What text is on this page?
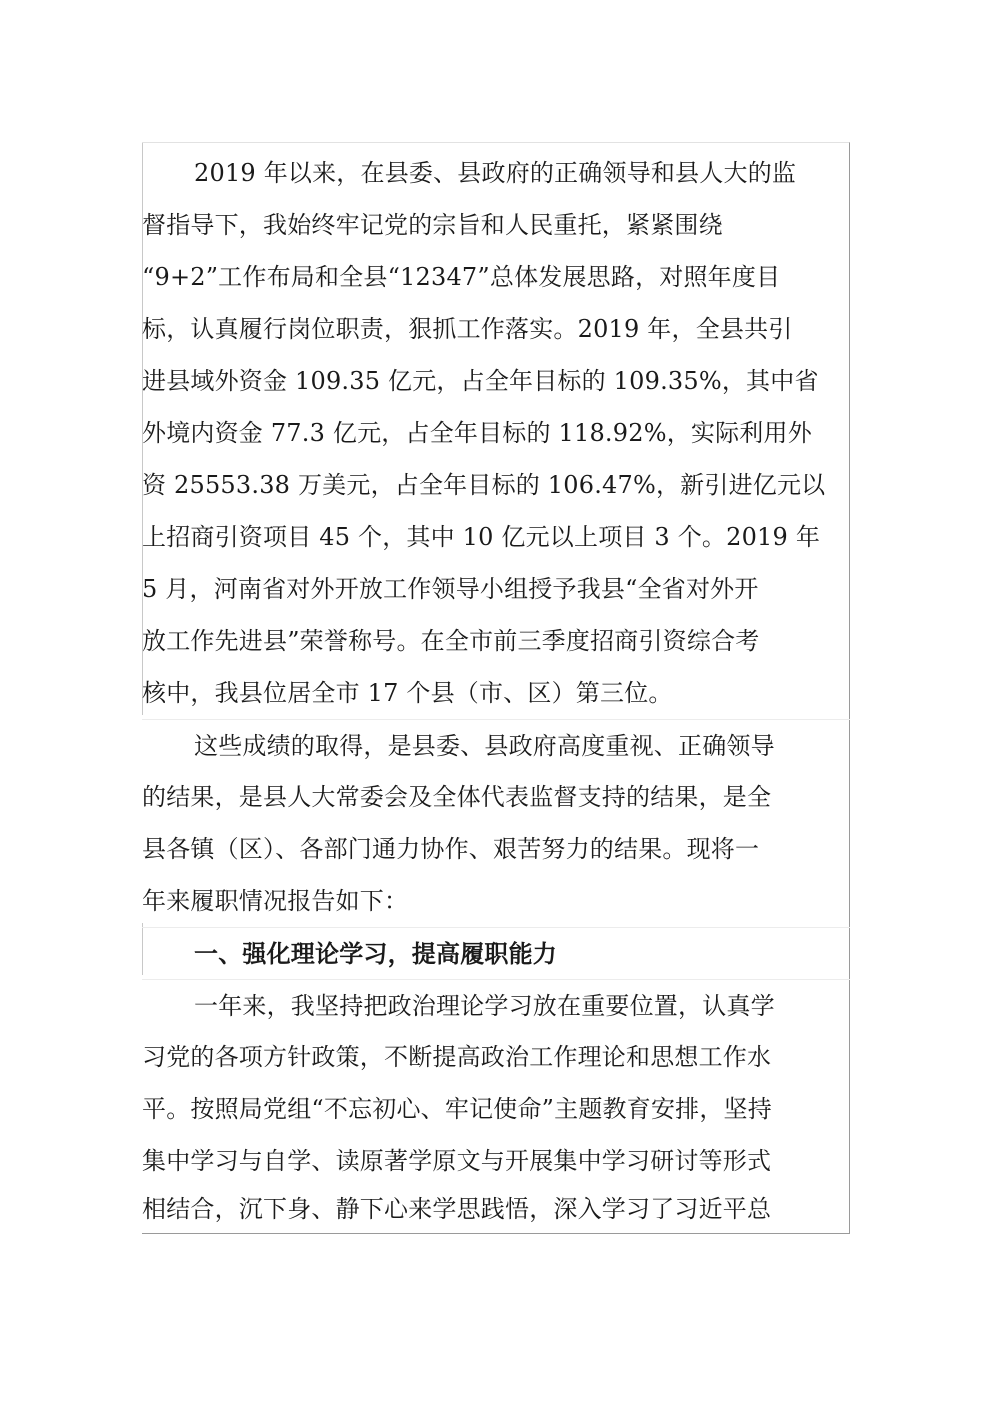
2019 年以来，在县委、县政府的正确领导和县人大的监
督指导下，我始终牢记党的宗旨和人民重托，紧紧围绕
“9+2”工作布局和全县“12347”总体发展思路，对照年度目
标，认真履行岗位职责，狠抓工作落实。2019 年，全县共引
进县域外资金 109.35 亿元，占全年目标的 109.35%，其中省
外境内资金 77.3 亿元，占全年目标的 118.92%，实际利用外
资 25553.38 万美元，占全年目标的 106.47%，新引进亿元以
上招商引资项目 45 个，其中 10 亿元以上项目 3 个。2019 年
5 月，河南省对外开放工作领导小组授予我县“全省对外开
放工作先进县”荣誉称号。在全市前三季度招商引资综合考
核中，我县位居全市 17 个县（市、区）第三位。
这些成绩的取得，是县委、县政府高度重视、正确领导
的结果，是县人大常委会及全体代表监督支持的结果，是全
县各镇（区）、各部门通力协作、艰苦努力的结果。现将一
年来履职情况报告如下：
一、强化理论学习，提高履职能力
一年来，我坚持把政治理论学习放在重要位置，认真学
习党的各项方针政策，不断提高政治工作理论和思想工作水
平。按照局党组“不忘初心、牢记使命”主题教育安排，坚持
集中学习与自学、读原著学原文与开展集中学习研讨等形式
相结合，沉下身、静下心来学思践悟，深入学习了习近平总
